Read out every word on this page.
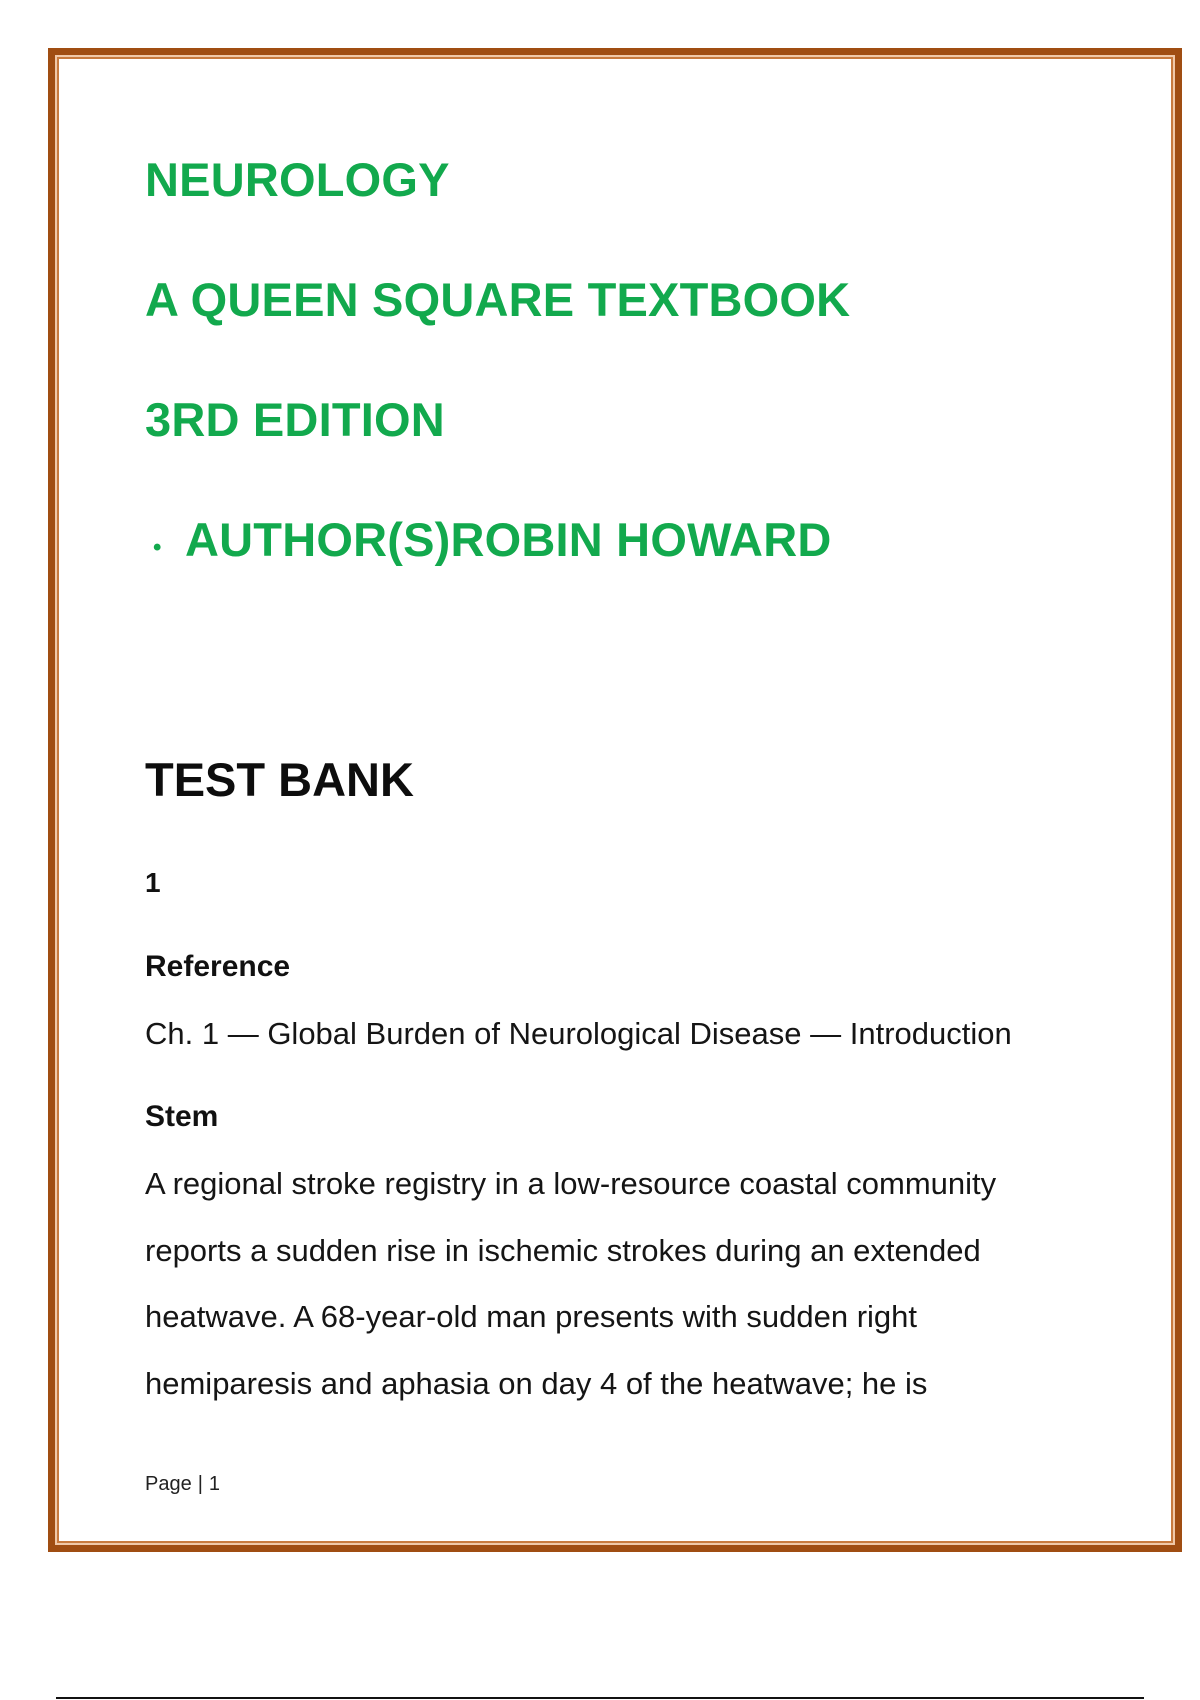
NEUROLOGY
A QUEEN SQUARE TEXTBOOK
3RD EDITION
• AUTHOR(S)ROBIN HOWARD
TEST BANK
1
Reference
Ch. 1 — Global Burden of Neurological Disease — Introduction
Stem
A regional stroke registry in a low-resource coastal community
reports a sudden rise in ischemic strokes during an extended
heatwave. A 68-year-old man presents with sudden right
hemiparesis and aphasia on day 4 of the heatwave; he is
Page | 1
